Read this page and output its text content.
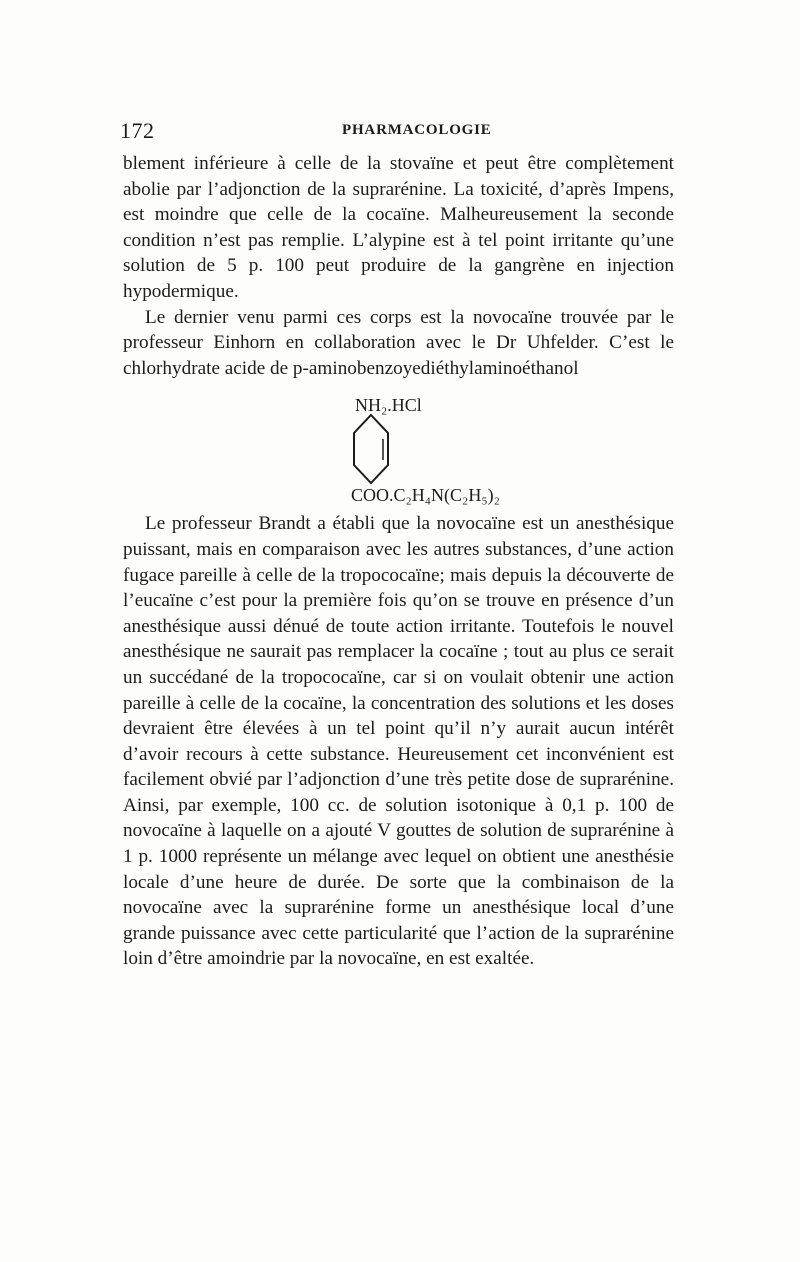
172	PHARMACOLOGIE

blement inférieure à celle de la stovaïne et peut être complètement abolie par l’adjonction de la suprarénine. La toxicité, d’après Impens, est moindre que celle de la cocaïne. Malheureusement la seconde condition n’est pas remplie. L’alypine est à tel point irritante qu’une solution de 5 p. 100 peut produire de la gangrène en injection hypodermique.

Le dernier venu parmi ces corps est la novocaïne trouvée par le professeur Einhorn en collaboration avec le Dr Uhfelder. C’est le chlorhydrate acide de p-aminobenzoyediéthylaminoéthanol

NH₂.HCl
COO.C₂H₄N(C₂H₅)₂

Le professeur Brandt a établi que la novocaïne est un anesthésique puissant, mais en comparaison avec les autres substances, d’une action fugace pareille à celle de la tropococaïne; mais depuis la découverte de l’eucaïne c’est pour la première fois qu’on se trouve en présence d’un anesthésique aussi dénué de toute action irritante. Toutefois le nouvel anesthésique ne saurait pas remplacer la cocaïne ; tout au plus ce serait un succédané de la tropococaïne, car si on voulait obtenir une action pareille à celle de la cocaïne, la concentration des solutions et les doses devraient être élevées à un tel point qu’il n’y aurait aucun intérêt d’avoir recours à cette substance. Heureusement cet inconvénient est facilement obvié par l’adjonction d’une très petite dose de suprarénine. Ainsi, par exemple, 100 cc. de solution isotonique à 0,1 p. 100 de novocaïne à laquelle on a ajouté V gouttes de solution de suprarénine à 1 p. 1000 représente un mélange avec lequel on obtient une anesthésie locale d’une heure de durée. De sorte que la combinaison de la novocaïne avec la suprarénine forme un anesthésique local d’une grande puissance avec cette particularité que l’action de la suprarénine loin d’être amoindrie par la novocaïne, en est exaltée.
